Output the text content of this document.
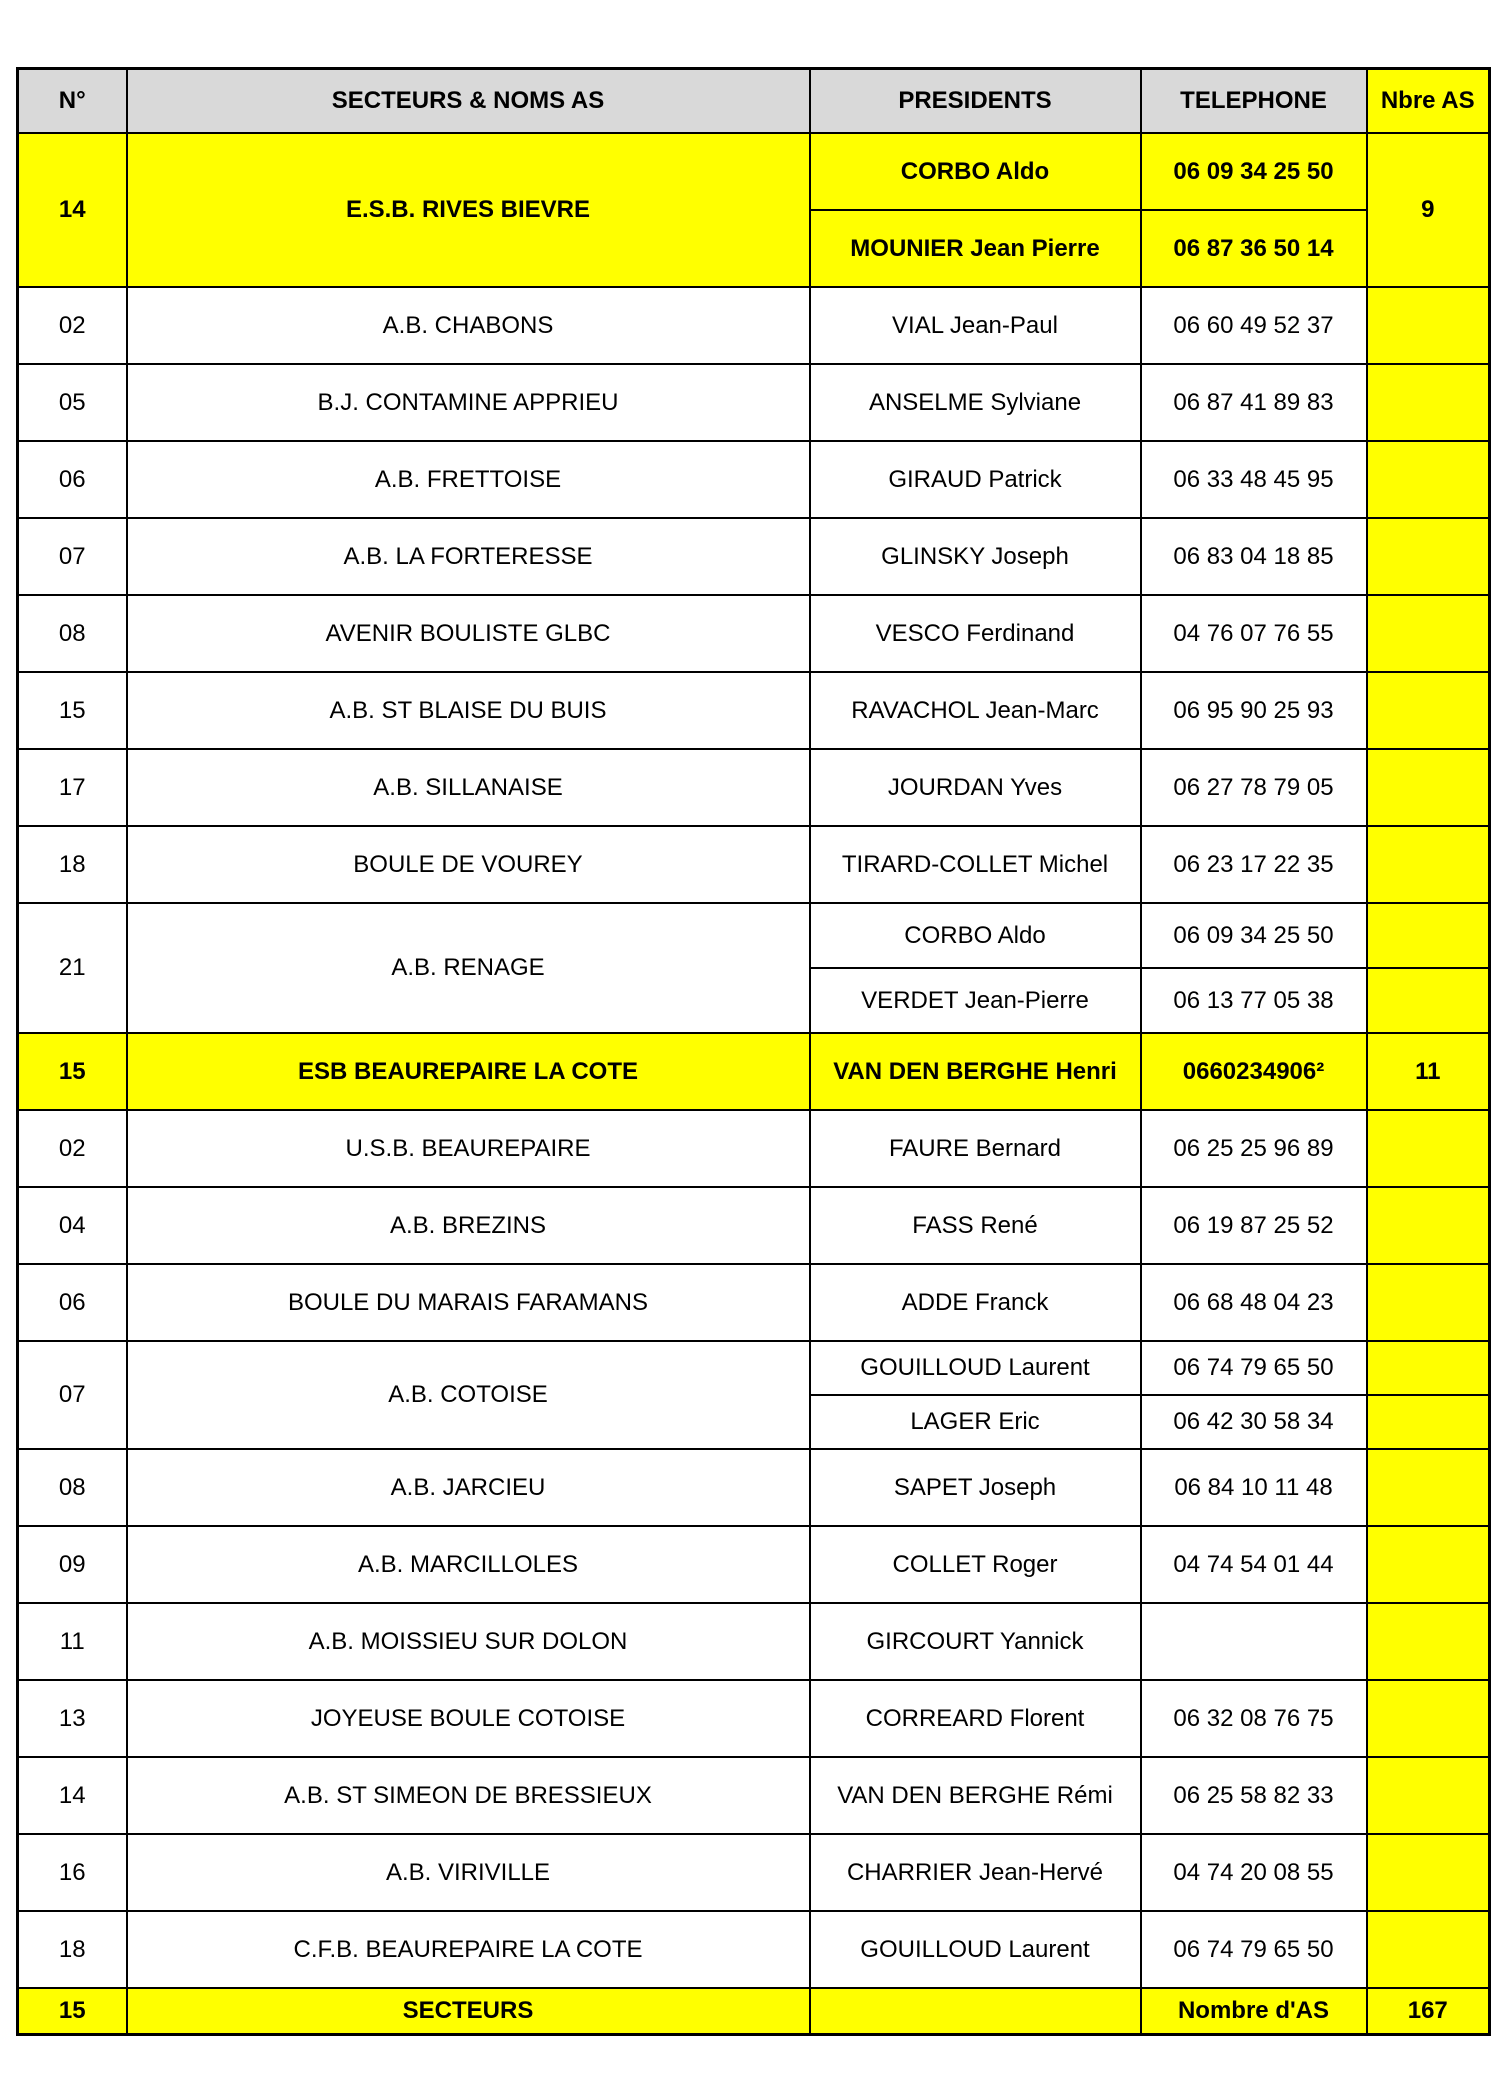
N°	SECTEURS & NOMS AS	PRESIDENTS	TELEPHONE	Nbre AS
14	E.S.B. RIVES BIEVRE	CORBO Aldo	06 09 34 25 50	9
		MOUNIER Jean Pierre	06 87 36 50 14	
02	A.B. CHABONS	VIAL Jean-Paul	06 60 49 52 37	
05	B.J. CONTAMINE APPRIEU	ANSELME Sylviane	06 87 41 89 83	
06	A.B. FRETTOISE	GIRAUD Patrick	06 33 48 45 95	
07	A.B. LA FORTERESSE	GLINSKY Joseph	06 83 04 18 85	
08	AVENIR BOULISTE GLBC	VESCO Ferdinand	04 76 07 76 55	
15	A.B. ST BLAISE DU BUIS	RAVACHOL Jean-Marc	06 95 90 25 93	
17	A.B. SILLANAISE	JOURDAN Yves	06 27 78 79 05	
18	BOULE DE VOUREY	TIRARD-COLLET Michel	06 23 17 22 35	
21	A.B. RENAGE	CORBO Aldo	06 09 34 25 50	
		VERDET Jean-Pierre	06 13 77 05 38	
15	ESB BEAUREPAIRE LA COTE	VAN DEN BERGHE Henri	0660234906²	11
02	U.S.B. BEAUREPAIRE	FAURE Bernard	06 25 25 96 89	
04	A.B. BREZINS	FASS René	06 19 87 25 52	
06	BOULE DU MARAIS FARAMANS	ADDE Franck	06 68 48 04 23	
07	A.B. COTOISE	GOUILLOUD Laurent	06 74 79 65 50	
		LAGER Eric	06 42 30 58 34	
08	A.B. JARCIEU	SAPET Joseph	06 84 10 11 48	
09	A.B. MARCILLOLES	COLLET Roger	04 74 54 01 44	
11	A.B. MOISSIEU SUR DOLON	GIRCOURT Yannick		
13	JOYEUSE BOULE COTOISE	CORREARD Florent	06 32 08 76 75	
14	A.B. ST SIMEON DE BRESSIEUX	VAN DEN BERGHE Rémi	06 25 58 82 33	
16	A.B. VIRIVILLE	CHARRIER Jean-Hervé	04 74 20 08 55	
18	C.F.B. BEAUREPAIRE LA COTE	GOUILLOUD Laurent	06 74 79 65 50	
15	SECTEURS		Nombre d'AS	167
